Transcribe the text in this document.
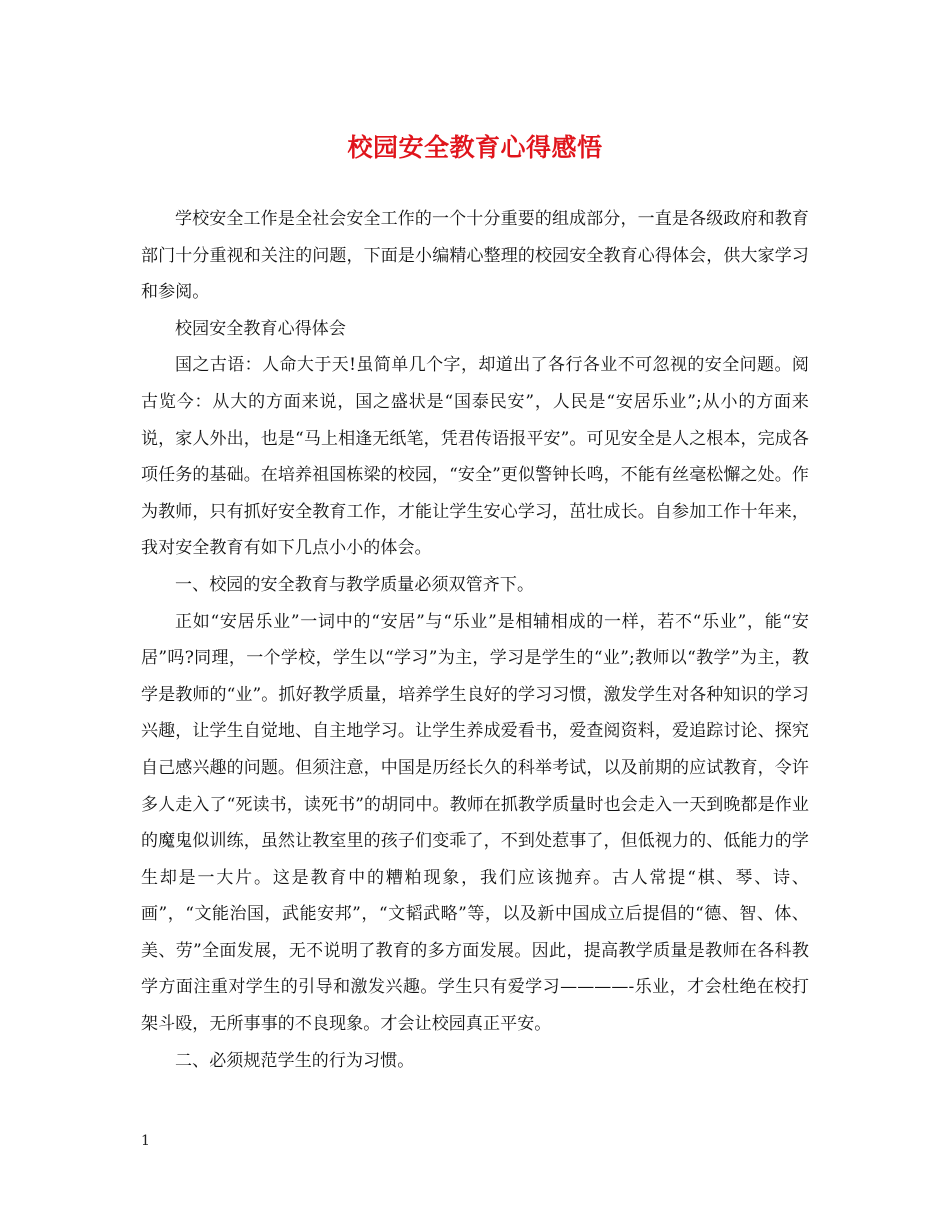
校园安全教育心得感悟

学校安全工作是全社会安全工作的一个十分重要的组成部分，一直是各级政府和教育部门十分重视和关注的问题，下面是小编精心整理的校园安全教育心得体会，供大家学习和参阅。

校园安全教育心得体会

国之古语：人命大于天!虽简单几个字，却道出了各行各业不可忽视的安全问题。阅古览今：从大的方面来说，国之盛状是“国泰民安”，人民是“安居乐业”;从小的方面来说，家人外出，也是“马上相逢无纸笔，凭君传语报平安”。可见安全是人之根本，完成各项任务的基础。在培养祖国栋梁的校园，“安全”更似警钟长鸣，不能有丝毫松懈之处。作为教师，只有抓好安全教育工作，才能让学生安心学习，茁壮成长。自参加工作十年来，我对安全教育有如下几点小小的体会。

一、校园的安全教育与教学质量必须双管齐下。

正如“安居乐业”一词中的“安居”与“乐业”是相辅相成的一样，若不“乐业”，能“安居”吗?同理，一个学校，学生以“学习”为主，学习是学生的“业”;教师以“教学”为主，教学是教师的“业”。抓好教学质量，培养学生良好的学习习惯，激发学生对各种知识的学习兴趣，让学生自觉地、自主地学习。让学生养成爱看书，爱查阅资料，爱追踪讨论、探究自己感兴趣的问题。但须注意，中国是历经长久的科举考试，以及前期的应试教育，令许多人走入了“死读书，读死书”的胡同中。教师在抓教学质量时也会走入一天到晚都是作业的魔鬼似训练，虽然让教室里的孩子们变乖了，不到处惹事了，但低视力的、低能力的学生却是一大片。这是教育中的糟粕现象，我们应该抛弃。古人常提“棋、琴、诗、画”，“文能治国，武能安邦”，“文韬武略”等，以及新中国成立后提倡的“德、智、体、美、劳”全面发展，无不说明了教育的多方面发展。因此，提高教学质量是教师在各科教学方面注重对学生的引导和激发兴趣。学生只有爱学习————-乐业，才会杜绝在校打架斗殴，无所事事的不良现象。才会让校园真正平安。

二、必须规范学生的行为习惯。

1
